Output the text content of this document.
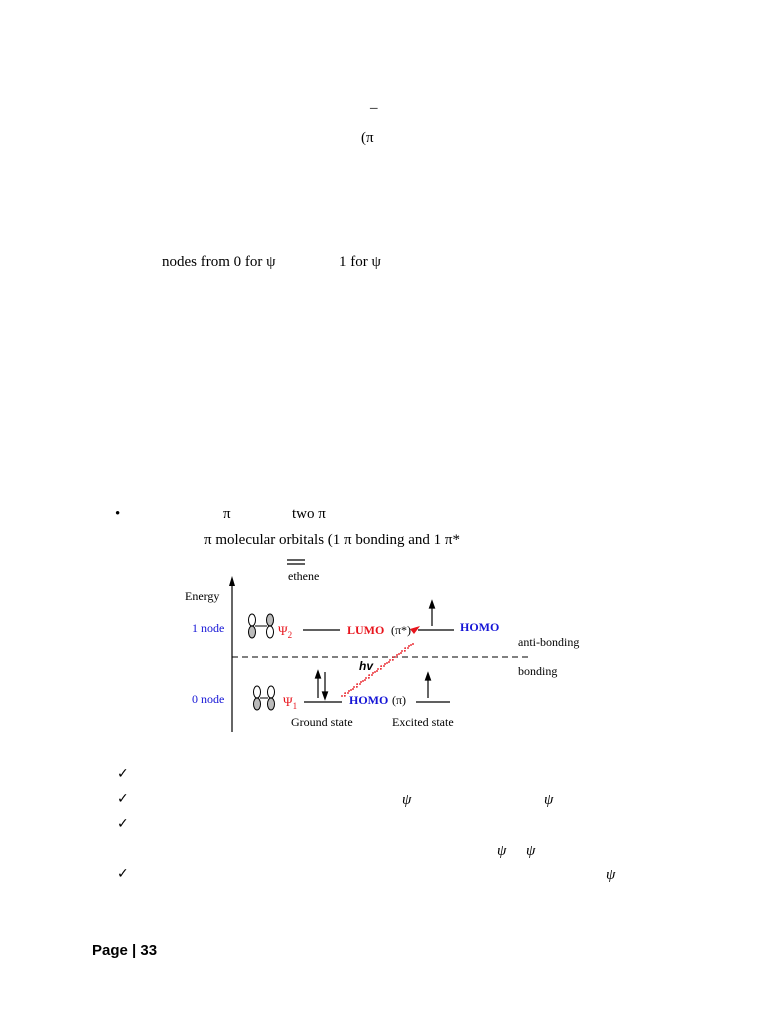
–
(π
nodes from 0 for ψ	1 for ψ
•	π	two π
π molecular orbitals (1 π bonding and 1 π*
ethene
Energy
1 node
0 node
$\Psi_2$
$\Psi_1$
LUMO (π*)	HOMO
HOMO (π)
anti-bonding
bonding
hv
Ground state	Excited state
✓
✓	ψ	ψ
✓
ψ ψ
✓	ψ
Page | 33
